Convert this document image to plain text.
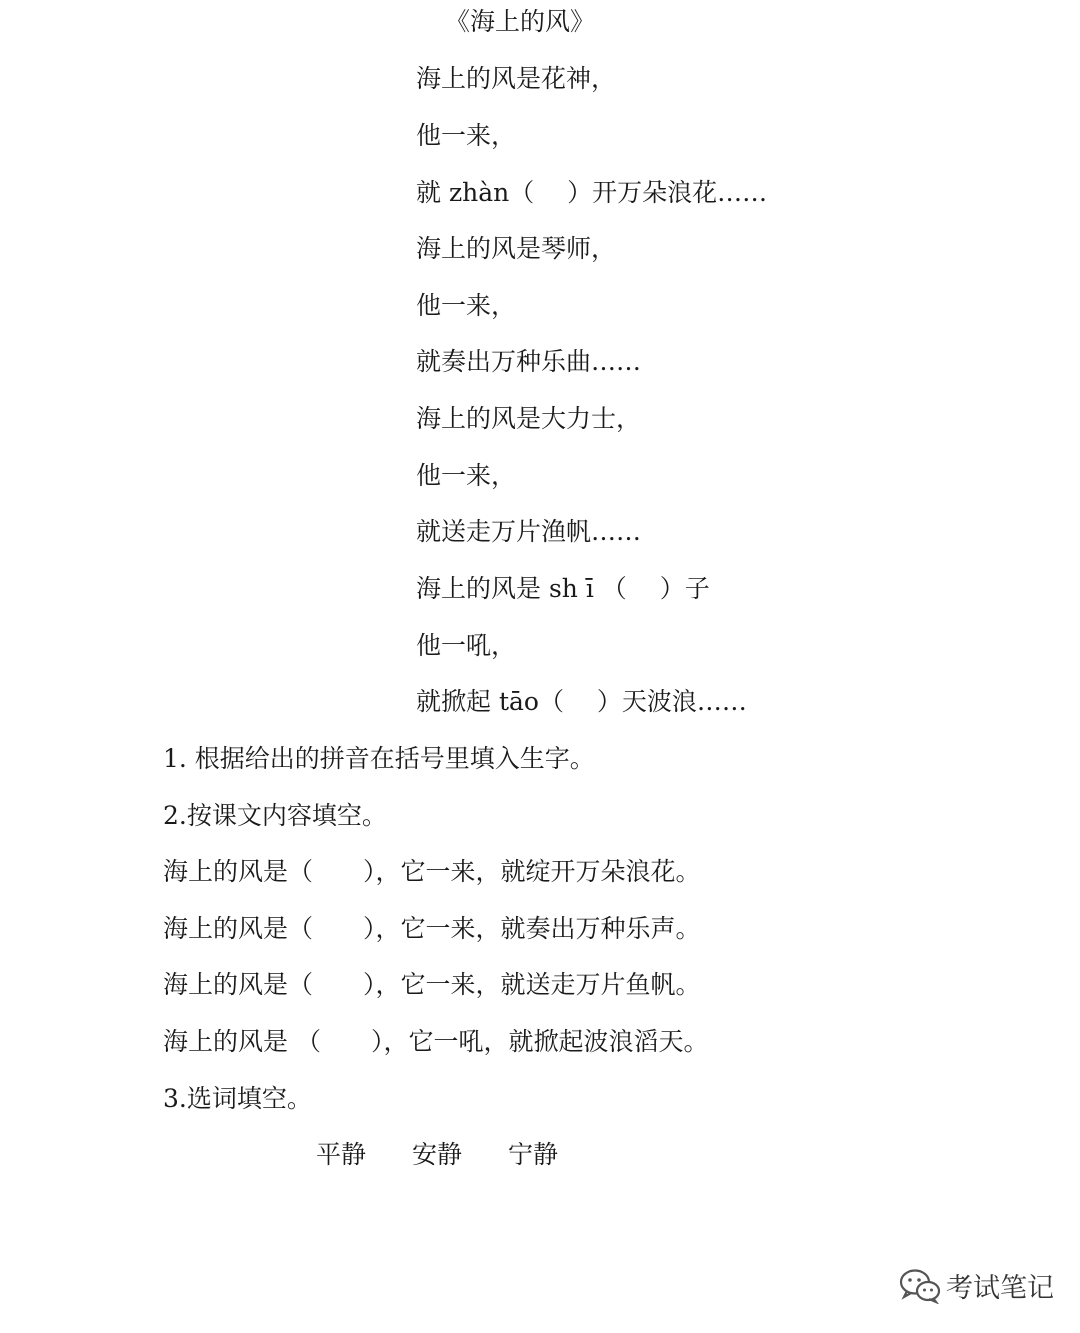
《海上的风》
海上的风是花神，
他一来，
就 zhàn（　 ）开万朵浪花……
海上的风是琴师，
他一来，
就奏出万种乐曲……
海上的风是大力士，
他一来，
就送走万片渔帆……
海上的风是 sh ī （　 ）子
他一吼，
就掀起 tāo（　 ）天波浪……
1. 根据给出的拼音在括号里填入生字。
2.按课文内容填空。
海上的风是（　　），它一来，就绽开万朵浪花。
海上的风是（　　），它一来，就奏出万种乐声。
海上的风是（　　），它一来，就送走万片鱼帆。
海上的风是 （　　），它一吼，就掀起波浪滔天。
3.选词填空。
平静 安静 宁静
考试笔记
